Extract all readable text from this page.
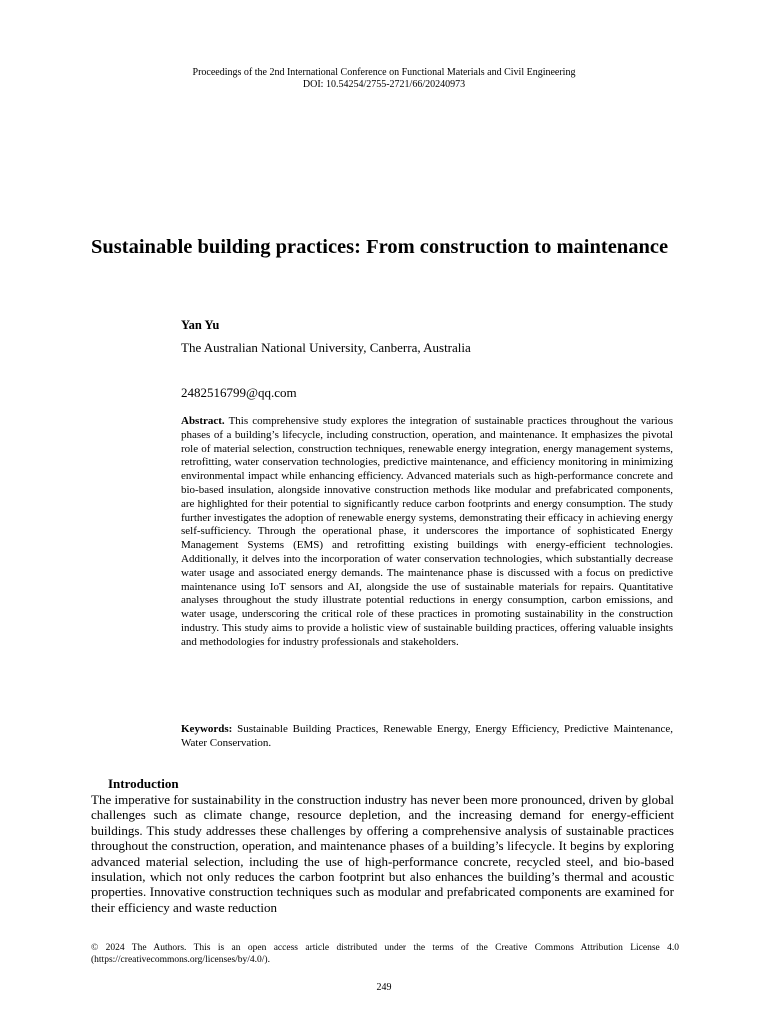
Proceedings of the 2nd International Conference on Functional Materials and Civil Engineering
DOI: 10.54254/2755-2721/66/20240973
Sustainable building practices: From construction to maintenance
Yan Yu
The Australian National University, Canberra, Australia
2482516799@qq.com

Abstract. This comprehensive study explores the integration of sustainable practices throughout the various phases of a building’s lifecycle, including construction, operation, and maintenance. It emphasizes the pivotal role of material selection, construction techniques, renewable energy integration, energy management systems, retrofitting, water conservation technologies, predictive maintenance, and efficiency monitoring in minimizing environmental impact while enhancing efficiency. Advanced materials such as high-performance concrete and bio-based insulation, alongside innovative construction methods like modular and prefabricated components, are highlighted for their potential to significantly reduce carbon footprints and energy consumption. The study further investigates the adoption of renewable energy systems, demonstrating their efficacy in achieving energy self-sufficiency. Through the operational phase, it underscores the importance of sophisticated Energy Management Systems (EMS) and retrofitting existing buildings with energy-efficient technologies. Additionally, it delves into the incorporation of water conservation technologies, which substantially decrease water usage and associated energy demands. The maintenance phase is discussed with a focus on predictive maintenance using IoT sensors and AI, alongside the use of sustainable materials for repairs. Quantitative analyses throughout the study illustrate potential reductions in energy consumption, carbon emissions, and water usage, underscoring the critical role of these practices in promoting sustainability in the construction industry. This study aims to provide a holistic view of sustainable building practices, offering valuable insights and methodologies for industry professionals and stakeholders.

Keywords: Sustainable Building Practices, Renewable Energy, Energy Efficiency, Predictive Maintenance, Water Conservation.

Introduction

The imperative for sustainability in the construction industry has never been more pronounced, driven by global challenges such as climate change, resource depletion, and the increasing demand for energy-efficient buildings. This study addresses these challenges by offering a comprehensive analysis of sustainable practices throughout the construction, operation, and maintenance phases of a building’s lifecycle. It begins by exploring advanced material selection, including the use of high-performance concrete, recycled steel, and bio-based insulation, which not only reduces the carbon footprint but also enhances the building’s thermal and acoustic properties. Innovative construction techniques such as modular and prefabricated components are examined for their efficiency and waste reduction

© 2024 The Authors. This is an open access article distributed under the terms of the Creative Commons Attribution License 4.0 (https://creativecommons.org/licenses/by/4.0/).

249
